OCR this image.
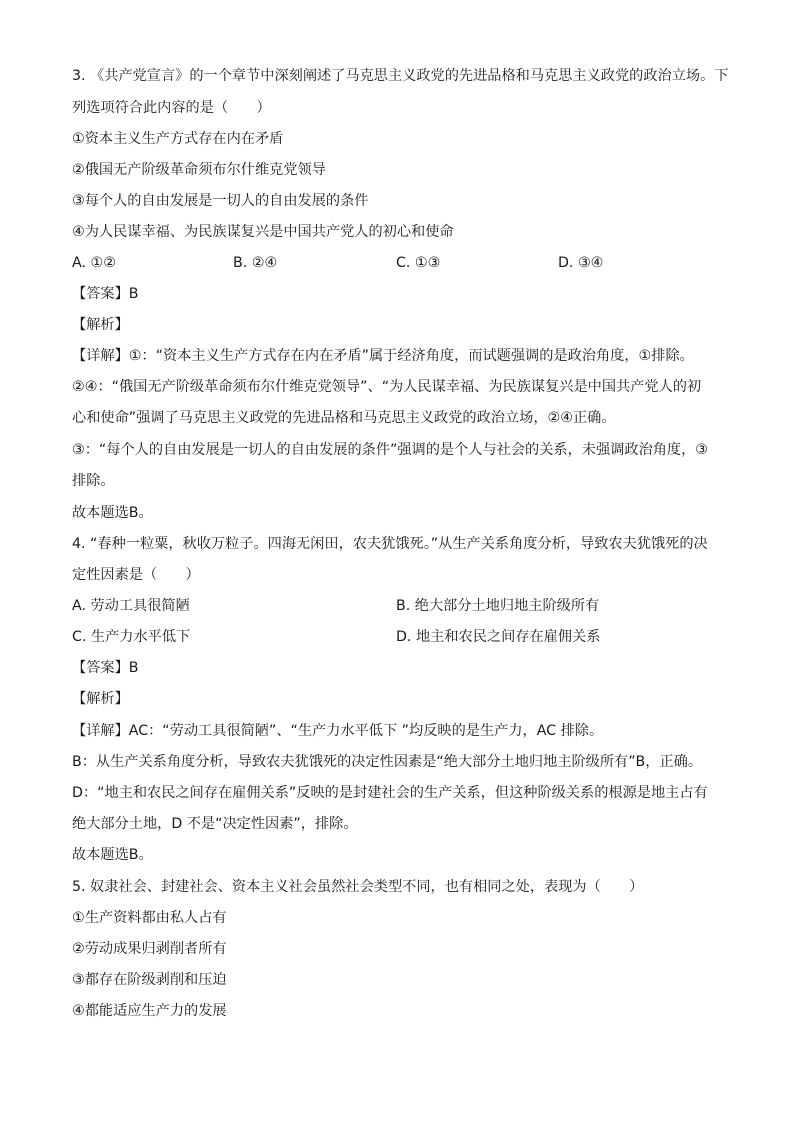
3. 《共产党宣言》的一个章节中深刻阐述了马克思主义政党的先进品格和马克思主义政党的政治立场。下
列选项符合此内容的是（　　）
①资本主义生产方式存在内在矛盾
②俄国无产阶级革命须布尔什维克党领导
③每个人的自由发展是一切人的自由发展的条件
④为人民谋幸福、为民族谋复兴是中国共产党人的初心和使命
A. ①②	B. ②④	C. ①③	D. ③④
【答案】B
【解析】
【详解】①：“资本主义生产方式存在内在矛盾”属于经济角度，而试题强调的是政治角度，①排除。
②④：“俄国无产阶级革命须布尔什维克党领导”、“为人民谋幸福、为民族谋复兴是中国共产党人的初
心和使命”强调了马克思主义政党的先进品格和马克思主义政党的政治立场，②④正确。
③：“每个人的自由发展是一切人的自由发展的条件”强调的是个人与社会的关系，未强调政治角度，③
排除。
故本题选B。
4. “春种一粒粟，秋收万粒子。四海无闲田，农夫犹饿死。”从生产关系角度分析，导致农夫犹饿死的决
定性因素是（　　）
A. 劳动工具很简陋	B. 绝大部分土地归地主阶级所有
C. 生产力水平低下	D. 地主和农民之间存在雇佣关系
【答案】B
【解析】
【详解】AC：“劳动工具很简陋”、“生产力水平低下 ”均反映的是生产力，AC 排除。
B：从生产关系角度分析，导致农夫犹饿死的决定性因素是“绝大部分土地归地主阶级所有”B，正确。
D：“地主和农民之间存在雇佣关系”反映的是封建社会的生产关系，但这种阶级关系的根源是地主占有
绝大部分土地，D 不是“决定性因素”，排除。
故本题选B。
5. 奴隶社会、封建社会、资本主义社会虽然社会类型不同，也有相同之处，表现为（　　）
①生产资料都由私人占有
②劳动成果归剥削者所有
③都存在阶级剥削和压迫
④都能适应生产力的发展
